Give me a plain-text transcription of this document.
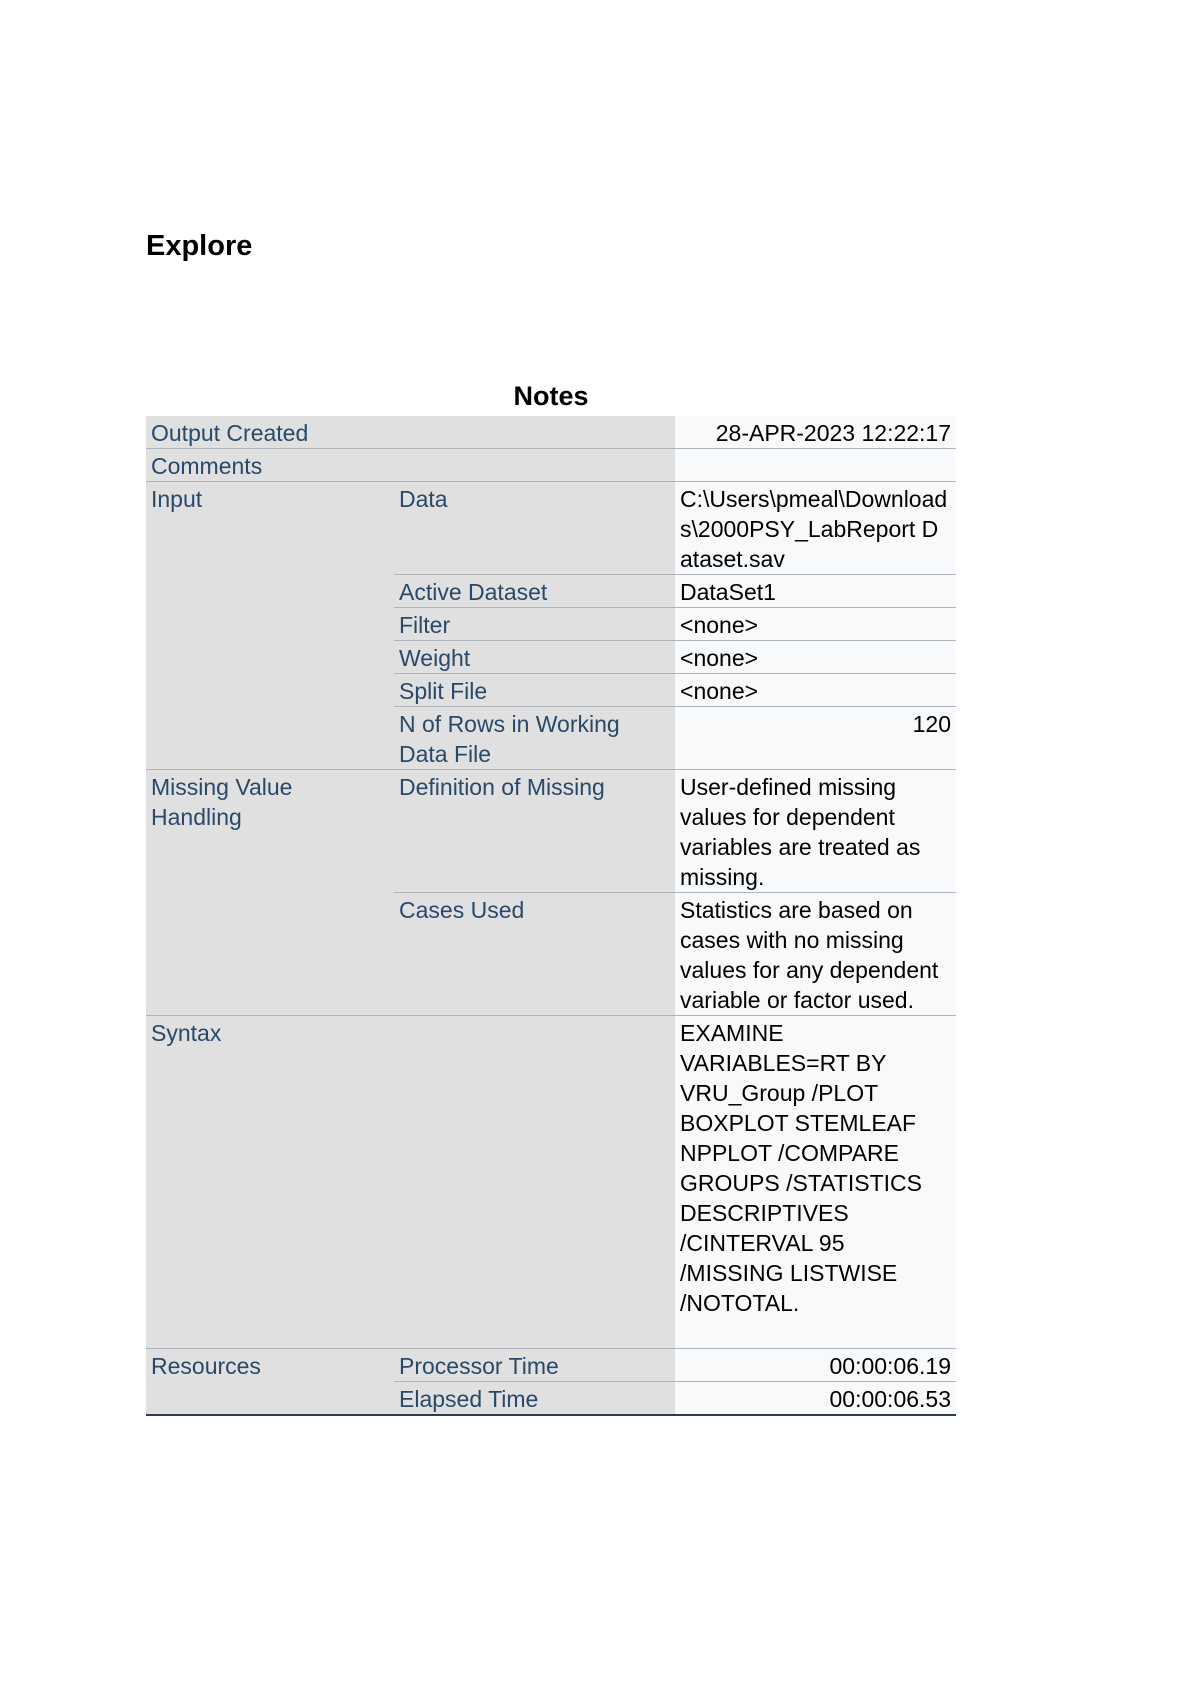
Explore
Notes
Output Created		28-APR-2023 12:22:17
Comments		
Input	Data	C:\Users\pmeal\Downloads\2000PSY_LabReport Dataset.sav
	Active Dataset	DataSet1
	Filter	<none>
	Weight	<none>
	Split File	<none>
	N of Rows in Working Data File	120
Missing Value Handling	Definition of Missing	User-defined missing values for dependent variables are treated as missing.
	Cases Used	Statistics are based on cases with no missing values for any dependent variable or factor used.
Syntax		EXAMINE VARIABLES=RT BY VRU_Group /PLOT BOXPLOT STEMLEAF NPPLOT /COMPARE GROUPS /STATISTICS DESCRIPTIVES /CINTERVAL 95 /MISSING LISTWISE /NOTOTAL.
Resources	Processor Time	00:00:06.19
	Elapsed Time	00:00:06.53
